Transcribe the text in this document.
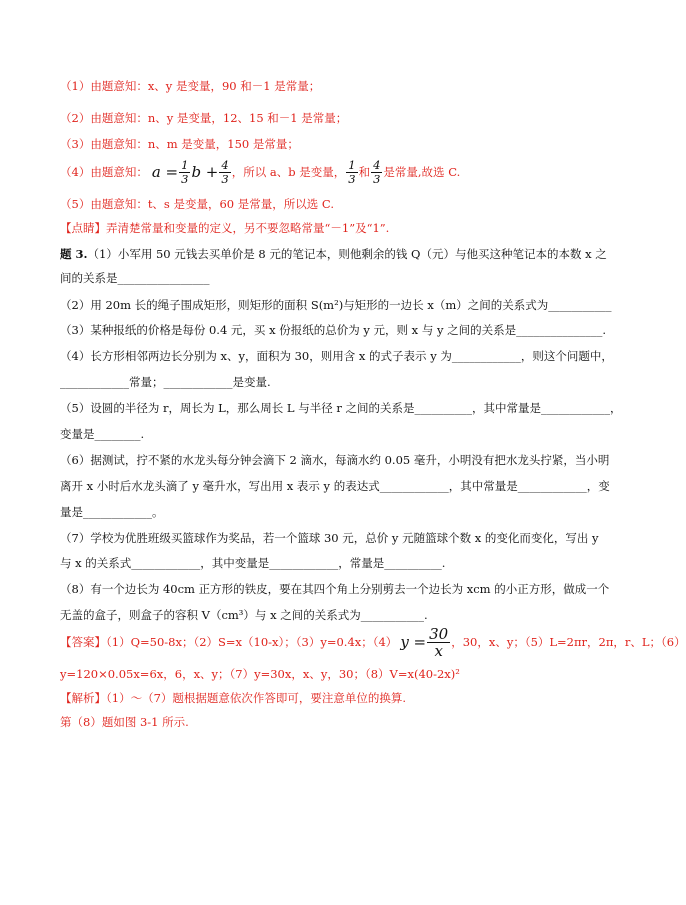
（1）由题意知：x、y 是变量，90 和－1 是常量；
（2）由题意知：n、y 是变量，12、15 和－1 是常量；
（3）由题意知：n、m 是变量，150 是常量；
（4）由题意知： $a = \frac{1}{3}$ $b + \frac{4}{3}$ ，所以 a、b 是变量， $\frac{1}{3}$ 和 $\frac{4}{3}$ 是常量,故选 C.
（5）由题意知：t、s 是变量，60 是常量，所以选 C.
【点睛】弄清楚常量和变量的定义，另不要忽略常量“－1”及“1”.
题 3.（1）小军用 50 元钱去买单价是 8 元的笔记本，则他剩余的钱 Q（元）与他买这种笔记本的本数 x 之
间的关系是________________
（2）用 20m 长的绳子围成矩形，则矩形的面积 S(m²)与矩形的一边长 x（m）之间的关系式为___________
（3）某种报纸的价格是每份 0.4 元，买 x 份报纸的总价为 y 元，则 x 与 y 之间的关系是_______________.
（4）长方形相邻两边长分别为 x、y，面积为 30，则用含 x 的式子表示 y 为____________，则这个问题中，
____________常量；____________是变量.
（5）设圆的半径为 r，周长为 L，那么周长 L 与半径 r 之间的关系是__________，其中常量是____________，
变量是________.
（6）据测试，拧不紧的水龙头每分钟会滴下 2 滴水，每滴水约 0.05 毫升，小明没有把水龙头拧紧，当小明
离开 x 小时后水龙头滴了 y 毫升水，写出用 x 表示 y 的表达式____________，其中常量是____________，变
量是____________。
（7）学校为优胜班级买篮球作为奖品，若一个篮球 30 元，总价 y 元随篮球个数 x 的变化而变化，写出 y
与 x 的关系式____________，其中变量是____________，常量是__________.
（8）有一个边长为 40cm 正方形的铁皮，要在其四个角上分别剪去一个边长为 xcm 的小正方形，做成一个
无盖的盒子，则盒子的容积 V（cm³）与 x 之间的关系式为___________.
【答案】（1）Q=50-8x；（2）S=x（10-x）；（3）y=0.4x；（4） $y = \frac{30}{x}$ ，30，x、y；（5）L=2πr，2π，r、L；（6）
y=120×0.05x=6x，6，x、y；（7）y=30x，x、y，30；（8）V=x(40-2x)²
【解析】（1）～（7）题根据题意依次作答即可，要注意单位的换算.
第（8）题如图 3-1 所示.
